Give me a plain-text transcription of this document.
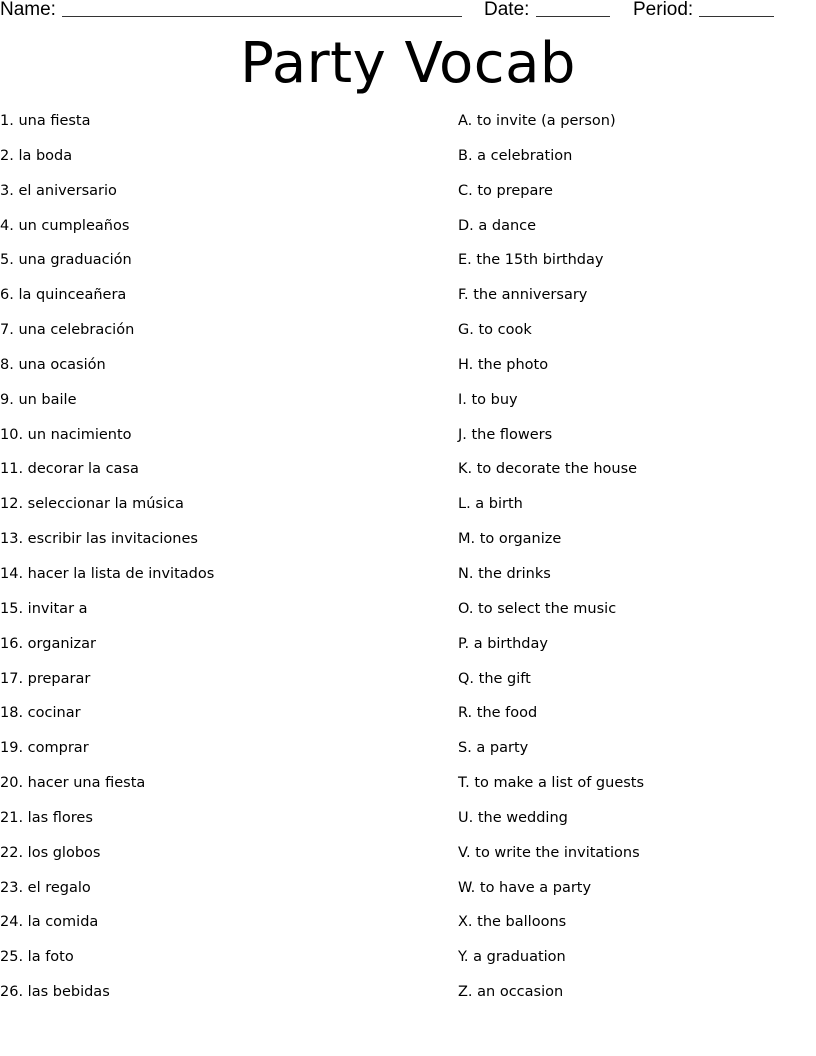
Name:	Date:	Period:
Party Vocab
1. una fiesta
2. la boda
3. el aniversario
4. un cumpleaños
5. una graduación
6. la quinceañera
7. una celebración
8. una ocasión
9. un baile
10. un nacimiento
11. decorar la casa
12. seleccionar la música
13. escribir las invitaciones
14. hacer la lista de invitados
15. invitar a
16. organizar
17. preparar
18. cocinar
19. comprar
20. hacer una fiesta
21. las flores
22. los globos
23. el regalo
24. la comida
25. la foto
26. las bebidas
A. to invite (a person)
B. a celebration
C. to prepare
D. a dance
E. the 15th birthday
F. the anniversary
G. to cook
H. the photo
I. to buy
J. the flowers
K. to decorate the house
L. a birth
M. to organize
N. the drinks
O. to select the music
P. a birthday
Q. the gift
R. the food
S. a party
T. to make a list of guests
U. the wedding
V. to write the invitations
W. to have a party
X. the balloons
Y. a graduation
Z. an occasion
